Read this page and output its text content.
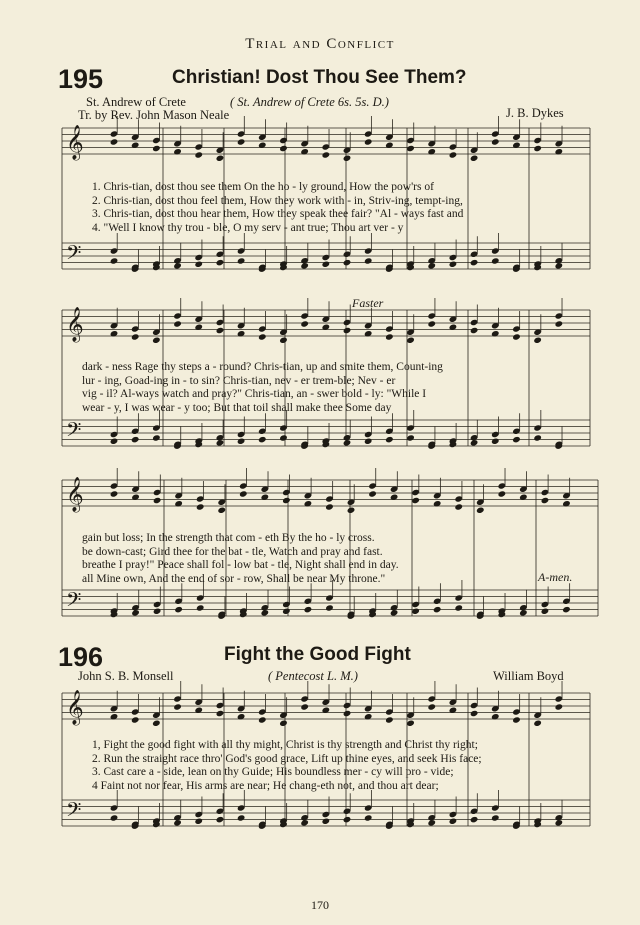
Trial and Conflict
195	Christian! Dost Thou See Them?
St. Andrew of Crete
Tr. by Rev. John Mason Neale
( St. Andrew of Crete 6s. 5s. D.)
J. B. Dykes
1. Chris-tian, dost thou see them On the ho - ly ground, How the pow'rs of
2. Chris-tian, dost thou feel them, How they work with - in, Striv-ing, tempt-ing,
3. Chris-tian, dost thou hear them, How they speak thee fair? "Al - ways fast and
4. "Well I know thy trou - ble, O my serv - ant true; Thou art ver - y
Faster
dark - ness Rage thy steps a - round? Chris-tian, up and smite them, Count-ing
lur - ing, Goad-ing in - to sin? Chris-tian, nev - er trem-ble; Nev - er
vig - il? Al-ways watch and pray?" Chris-tian, an - swer bold - ly: "While I
wear - y, I was wear - y too; But that toil shall make thee Some day
gain but loss; In the strength that com - eth By the ho - ly cross.
be down-cast; Gird thee for the bat - tle, Watch and pray and fast.
breathe I pray!" Peace shall fol - low bat - tle, Night shall end in day.
all Mine own, And the end of sor - row, Shall be near My throne."	A-men.
196	Fight the Good Fight
John S. B. Monsell	( Pentecost L. M.)	William Boyd
1, Fight the good fight with all thy might, Christ is thy strength and Christ thy right;
2. Run the straight race thro' God's good grace, Lift up thine eyes, and seek His face;
3. Cast care a - side, lean on thy Guide; His boundless mer - cy will pro - vide;
4 Faint not nor fear, His arms are near; He chang-eth not, and thou art dear;
170
𝄞
𝄢
𝄞
𝄢
𝄞
𝄢
𝄞
𝄢
